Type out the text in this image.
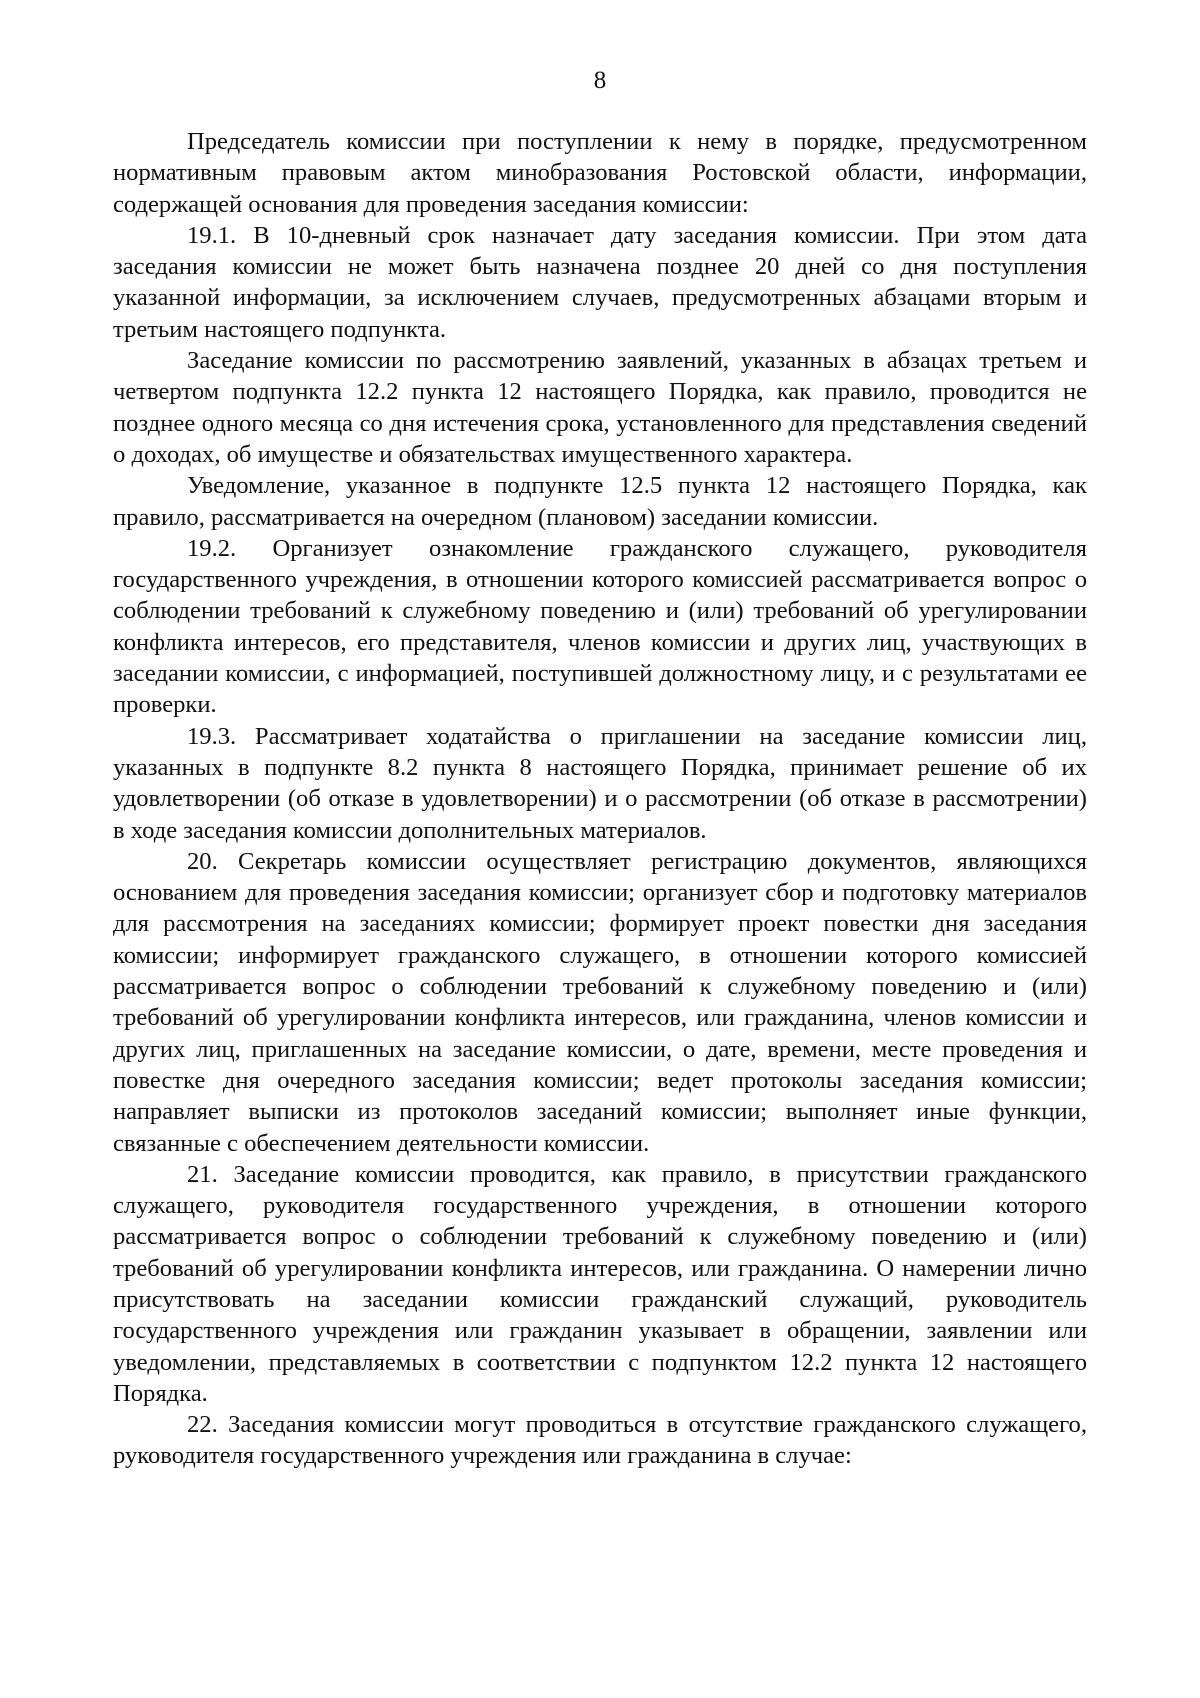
8

Председатель комиссии при поступлении к нему в порядке, предусмотренном нормативным правовым актом минобразования Ростовской области, информации, содержащей основания для проведения заседания комиссии:

19.1. В 10-дневный срок назначает дату заседания комиссии. При этом дата заседания комиссии не может быть назначена позднее 20 дней со дня поступления указанной информации, за исключением случаев, предусмотренных абзацами вторым и третьим настоящего подпункта.

Заседание комиссии по рассмотрению заявлений, указанных в абзацах третьем и четвертом подпункта 12.2 пункта 12 настоящего Порядка, как правило, проводится не позднее одного месяца со дня истечения срока, установленного для представления сведений о доходах, об имуществе и обязательствах имущественного характера.

Уведомление, указанное в подпункте 12.5 пункта 12 настоящего Порядка, как правило, рассматривается на очередном (плановом) заседании комиссии.

19.2. Организует ознакомление гражданского служащего, руководителя государственного учреждения, в отношении которого комиссией рассматривается вопрос о соблюдении требований к служебному поведению и (или) требований об урегулировании конфликта интересов, его представителя, членов комиссии и других лиц, участвующих в заседании комиссии, с информацией, поступившей должностному лицу, и с результатами ее проверки.

19.3. Рассматривает ходатайства о приглашении на заседание комиссии лиц, указанных в подпункте 8.2 пункта 8 настоящего Порядка, принимает решение об их удовлетворении (об отказе в удовлетворении) и о рассмотрении (об отказе в рассмотрении) в ходе заседания комиссии дополнительных материалов.

20. Секретарь комиссии осуществляет регистрацию документов, являющихся основанием для проведения заседания комиссии; организует сбор и подготовку материалов для рассмотрения на заседаниях комиссии; формирует проект повестки дня заседания комиссии; информирует гражданского служащего, в отношении которого комиссией рассматривается вопрос о соблюдении требований к служебному поведению и (или) требований об урегулировании конфликта интересов, или гражданина, членов комиссии и других лиц, приглашенных на заседание комиссии, о дате, времени, месте проведения и повестке дня очередного заседания комиссии; ведет протоколы заседания комиссии; направляет выписки из протоколов заседаний комиссии; выполняет иные функции, связанные с обеспечением деятельности комиссии.

21. Заседание комиссии проводится, как правило, в присутствии гражданского служащего, руководителя государственного учреждения, в отношении которого рассматривается вопрос о соблюдении требований к служебному поведению и (или) требований об урегулировании конфликта интересов, или гражданина. О намерении лично присутствовать на заседании комиссии гражданский служащий, руководитель государственного учреждения или гражданин указывает в обращении, заявлении или уведомлении, представляемых в соответствии с подпунктом 12.2 пункта 12 настоящего Порядка.

22. Заседания комиссии могут проводиться в отсутствие гражданского служащего, руководителя государственного учреждения или гражданина в случае:
